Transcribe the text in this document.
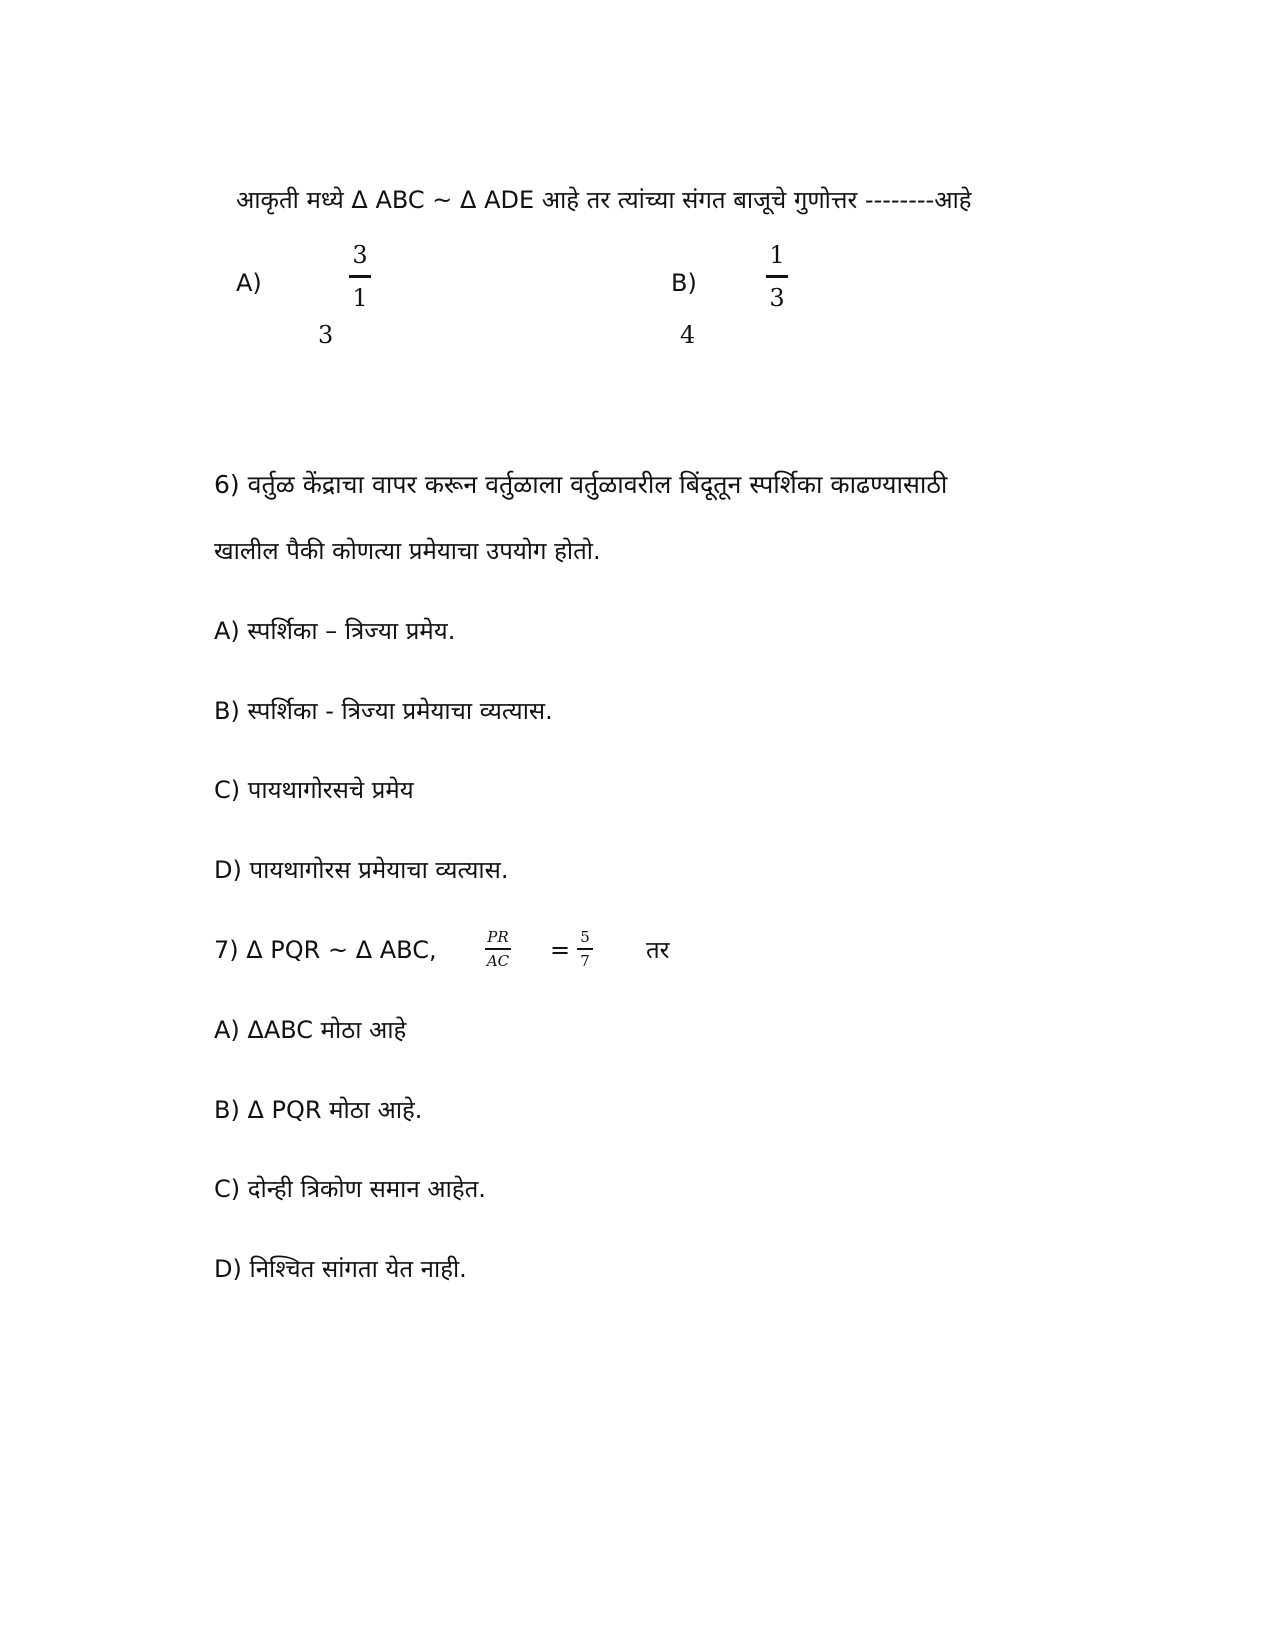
आकृती मध्ये Δ ABC ~ Δ ADE आहे तर त्यांच्या संगत बाजूचे गुणोत्तर --------आहे
A)
3
1
B)
1
3
3	4
6) वर्तुळ केंद्राचा वापर करून वर्तुळाला वर्तुळावरील बिंदूतून स्पर्शिका काढण्यासाठी
खालील पैकी कोणत्या प्रमेयाचा उपयोग होतो.
A) स्पर्शिका – त्रिज्या प्रमेय.
B) स्पर्शिका - त्रिज्या प्रमेयाचा व्यत्यास.
C) पायथागोरसचे प्रमेय
D) पायथागोरस प्रमेयाचा व्यत्यास.
7) Δ PQR ~ Δ ABC,	PR
AC = 5
7 तर
A) ΔABC मोठा आहे
B) Δ PQR मोठा आहे.
C) दोन्ही त्रिकोण समान आहेत.
D) निश्चित सांगता येत नाही.
